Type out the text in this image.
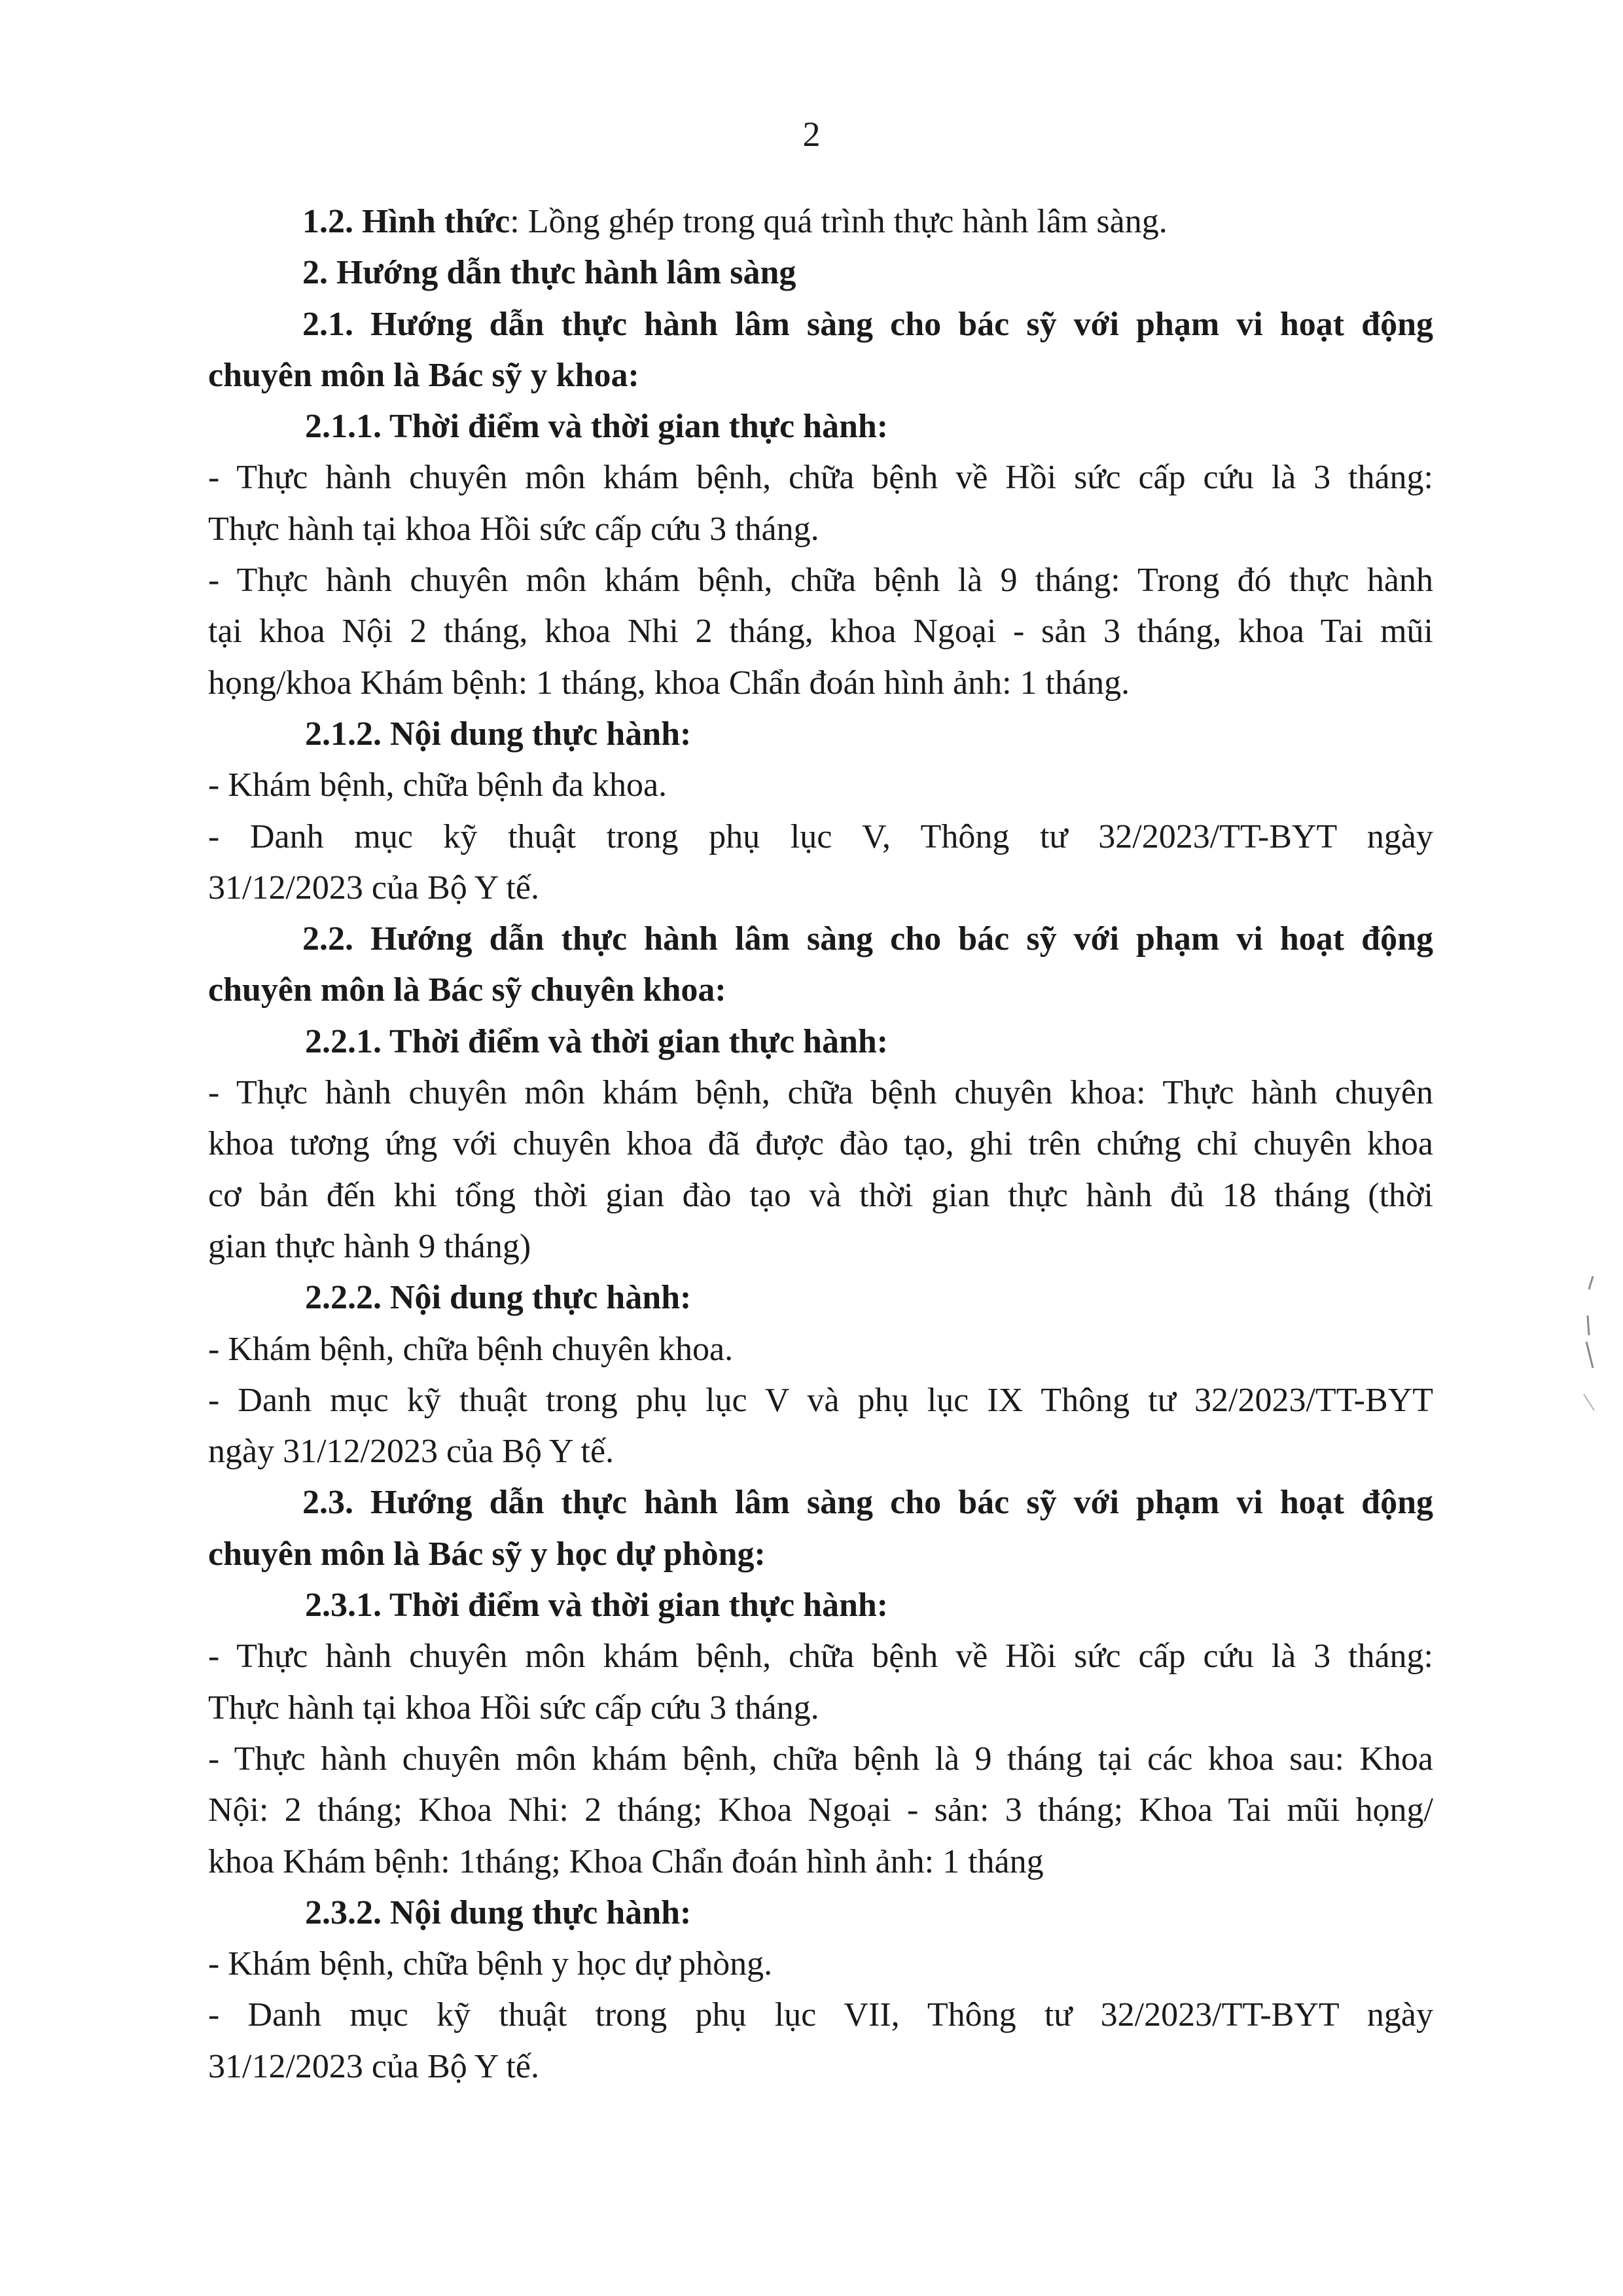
2
1.2. Hình thức: Lồng ghép trong quá trình thực hành lâm sàng.
2. Hướng dẫn thực hành lâm sàng
2.1. Hướng dẫn thực hành lâm sàng cho bác sỹ với phạm vi hoạt động
chuyên môn là Bác sỹ y khoa:
2.1.1. Thời điểm và thời gian thực hành:
- Thực hành chuyên môn khám bệnh, chữa bệnh về Hồi sức cấp cứu là 3 tháng:
Thực hành tại khoa Hồi sức cấp cứu 3 tháng.
- Thực hành chuyên môn khám bệnh, chữa bệnh là 9 tháng: Trong đó thực hành
tại khoa Nội 2 tháng, khoa Nhi 2 tháng, khoa Ngoại - sản 3 tháng, khoa Tai mũi
họng/khoa Khám bệnh: 1 tháng, khoa Chẩn đoán hình ảnh: 1 tháng.
2.1.2. Nội dung thực hành:
- Khám bệnh, chữa bệnh đa khoa.
- Danh mục kỹ thuật trong phụ lục V, Thông tư 32/2023/TT-BYT ngày
31/12/2023 của Bộ Y tế.
2.2. Hướng dẫn thực hành lâm sàng cho bác sỹ với phạm vi hoạt động
chuyên môn là Bác sỹ chuyên khoa:
2.2.1. Thời điểm và thời gian thực hành:
- Thực hành chuyên môn khám bệnh, chữa bệnh chuyên khoa: Thực hành chuyên
khoa tương ứng với chuyên khoa đã được đào tạo, ghi trên chứng chỉ chuyên khoa
cơ bản đến khi tổng thời gian đào tạo và thời gian thực hành đủ 18 tháng (thời
gian thực hành 9 tháng)
2.2.2. Nội dung thực hành:
- Khám bệnh, chữa bệnh chuyên khoa.
- Danh mục kỹ thuật trong phụ lục V và phụ lục IX Thông tư 32/2023/TT-BYT
ngày 31/12/2023 của Bộ Y tế.
2.3. Hướng dẫn thực hành lâm sàng cho bác sỹ với phạm vi hoạt động
chuyên môn là Bác sỹ y học dự phòng:
2.3.1. Thời điểm và thời gian thực hành:
- Thực hành chuyên môn khám bệnh, chữa bệnh về Hồi sức cấp cứu là 3 tháng:
Thực hành tại khoa Hồi sức cấp cứu 3 tháng.
- Thực hành chuyên môn khám bệnh, chữa bệnh là 9 tháng tại các khoa sau: Khoa
Nội: 2 tháng; Khoa Nhi: 2 tháng; Khoa Ngoại - sản: 3 tháng; Khoa Tai mũi họng/
khoa Khám bệnh: 1tháng; Khoa Chẩn đoán hình ảnh: 1 tháng
2.3.2. Nội dung thực hành:
- Khám bệnh, chữa bệnh y học dự phòng.
- Danh mục kỹ thuật trong phụ lục VII, Thông tư 32/2023/TT-BYT ngày
31/12/2023 của Bộ Y tế.
